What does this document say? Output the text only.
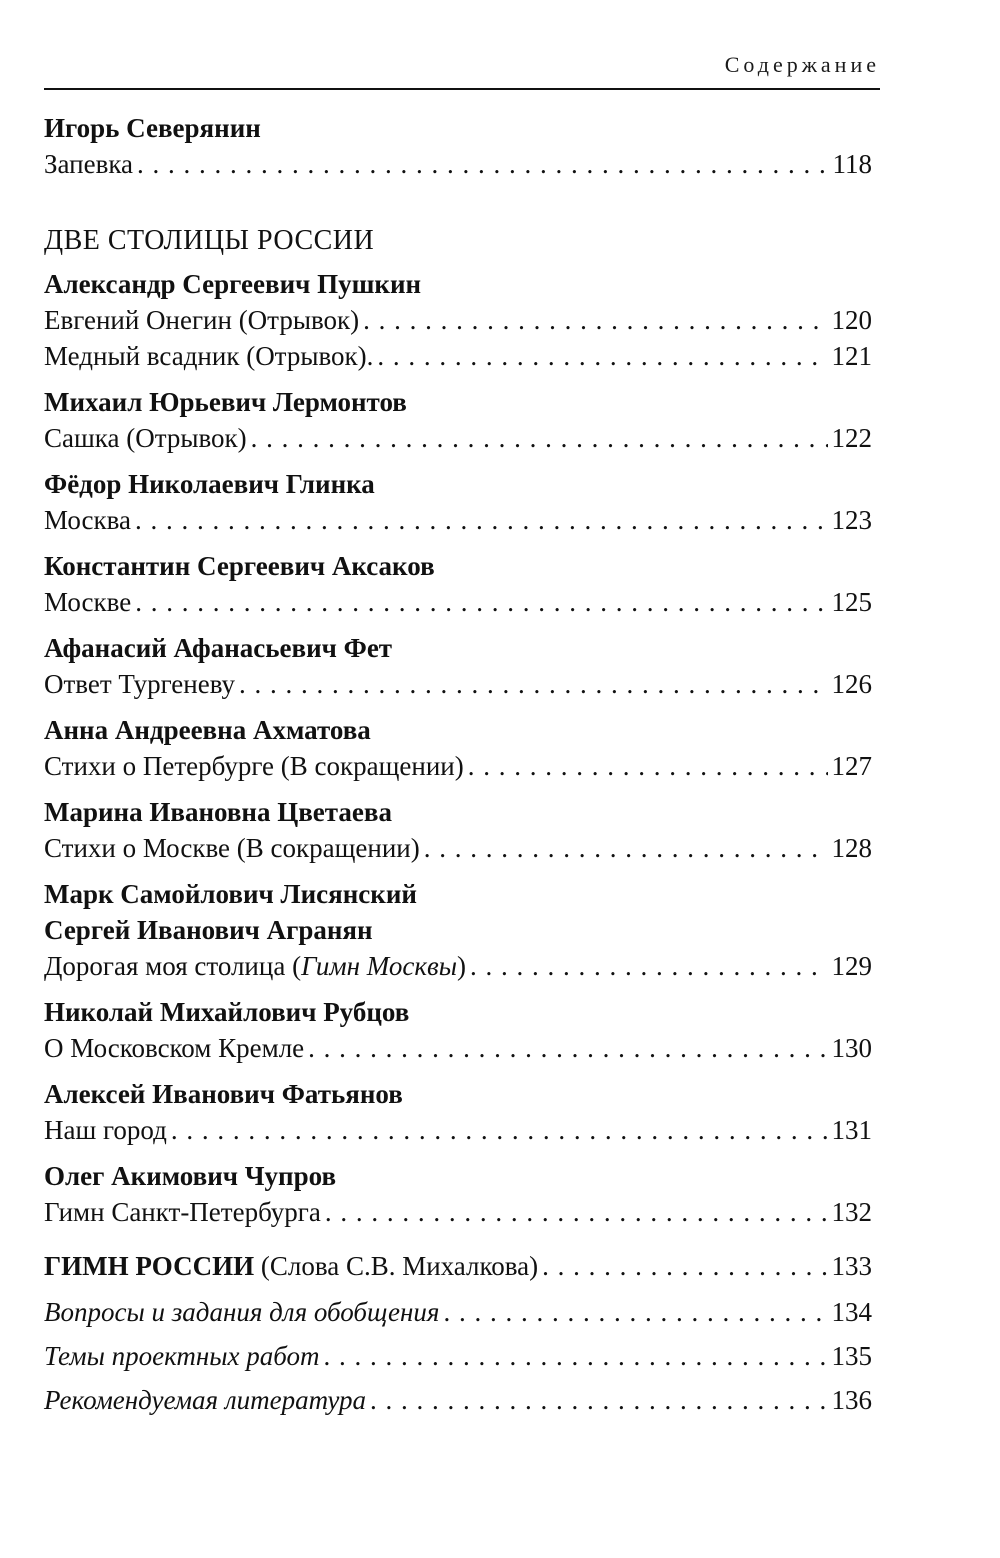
Содержание
Игорь Северянин
Запевка . . .	118
ДВЕ СТОЛИЦЫ РОССИИ
Александр Сергеевич Пушкин
Евгений Онегин (Отрывок) . . .	120
Медный всадник (Отрывок). . . .	121
Михаил Юрьевич Лермонтов
Сашка (Отрывок) . . .	122
Фёдор Николаевич Глинка
Москва . . .	123
Константин Сергеевич Аксаков
Москве . . .	125
Афанасий Афанасьевич Фет
Ответ Тургеневу . . .	126
Анна Андреевна Ахматова
Стихи о Петербурге (В сокращении) . . .	127
Марина Ивановна Цветаева
Стихи о Москве (В сокращении) . . .	128
Марк Самойлович Лисянский
Сергей Иванович Агранян
Дорогая моя столица (Гимн Москвы) . . .	129
Николай Михайлович Рубцов
О Московском Кремле . . .	130
Алексей Иванович Фатьянов
Наш город . . .	131
Олег Акимович Чупров
Гимн Санкт-Петербурга . . .	132
ГИМН РОССИИ (Слова С.В. Михалкова) . . .	133
Вопросы и задания для обобщения . . .	134
Темы проектных работ . . .	135
Рекомендуемая литература . . .	136
